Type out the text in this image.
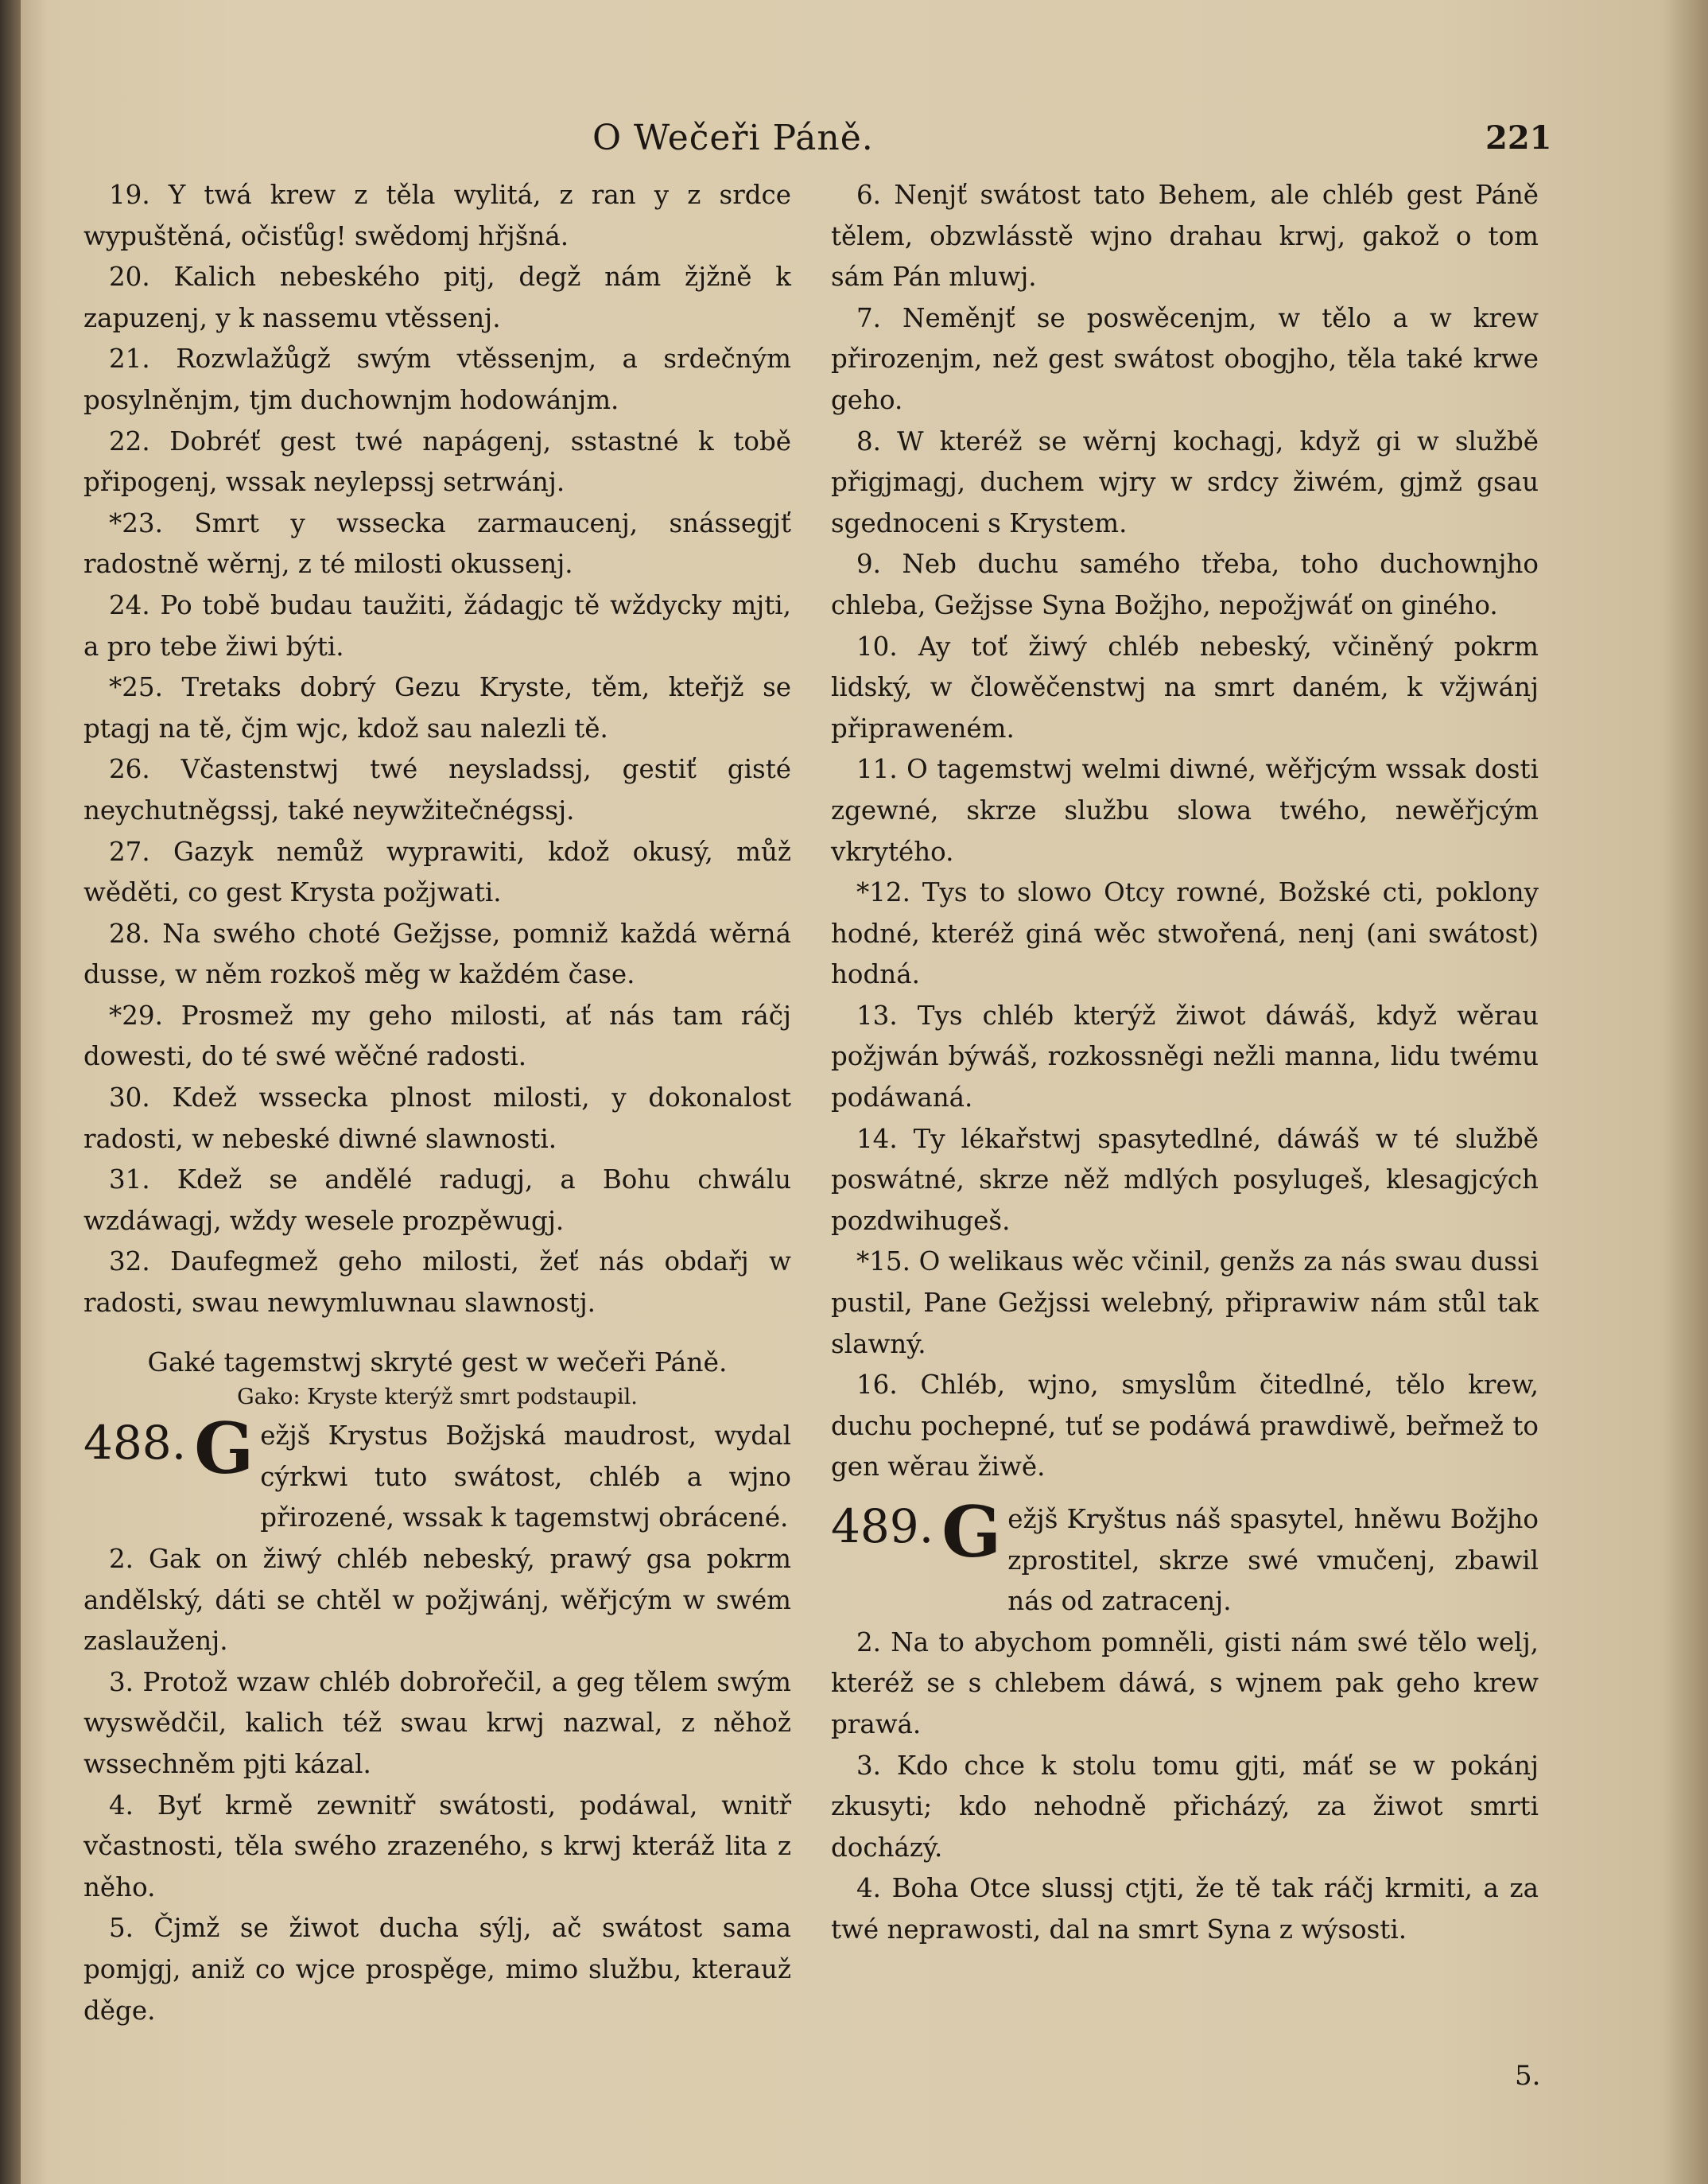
O Wečeři Páně.	221

19. Y twá krew z těla wylitá, z ran y z srdce wypuštěná, očisťůg! swědomj hřjšná.

20. Kalich nebeského pitj, degž nám žjžně k zapuzenj, y k nassemu vtěssenj.

21. Rozwlažůgž swým vtěssenjm, a srdečným posylněnjm, tjm duchownjm hodowánjm.

22. Dobréť gest twé napágenj, sstastné k tobě připogenj, wssak neylepssj setrwánj.

*23. Smrt y wssecka zarmaucenj, snássegjť radostně wěrnj, z té milosti okussenj.

24. Po tobě budau taužiti, žádagjc tě wždycky mjti, a pro tebe žiwi býti.

*25. Tretaks dobrý Gezu Kryste, těm, kteřjž se ptagj na tě, čjm wjc, kdož sau nalezli tě.

26. Včastenstwj twé neysladssj, gestiť gisté neychutněgssj, také neywžitečnégssj.

27. Gazyk nemůž wyprawiti, kdož okusý, můž wěděti, co gest Krysta požjwati.

28. Na swého choté Gežjsse, pomniž každá wěrná dusse, w něm rozkoš měg w každém čase.

*29. Prosmež my geho milosti, ať nás tam ráčj dowesti, do té swé wěčné radosti.

30. Kdež wssecka plnost milosti, y dokonalost radosti, w nebeské diwné slawnosti.

31. Kdež se andělé radugj, a Bohu chwálu wzdáwagj, wždy wesele prozpěwugj.

32. Daufegmež geho milosti, žeť nás obdařj w radosti, swau newymluwnau slawnostj.

Gaké tagemstwj skryté gest w wečeři Páně.

Gako: Kryste kterýž smrt podstaupil.

488. G ežjš Krystus Božjská maudrost, wydal cýrkwi tuto swátost, chléb a wjno přirozené, wssak k tagemstwj obrácené.

2. Gak on žiwý chléb nebeský, prawý gsa pokrm andělský, dáti se chtěl w požjwánj, wěřjcým w swém zaslauženj.

3. Protož wzaw chléb dobrořečil, a geg tělem swým wyswědčil, kalich též swau krwj nazwal, z něhož wssechněm pjti kázal.

4. Byť krmě zewnitř swátosti, podáwal, wnitř včastnosti, těla swého zrazeného, s krwj kteráž lita z něho.

5. Čjmž se žiwot ducha sýlj, ač swátost sama pomjgj, aniž co wjce prospěge, mimo službu, kterauž děge.

6. Nenjť swátost tato Behem, ale chléb gest Páně tělem, obzwlásstě wjno drahau krwj, gakož o tom sám Pán mluwj.

7. Neměnjť se poswěcenjm, w tělo a w krew přirozenjm, než gest swátost obogjho, těla také krwe geho.

8. W kteréž se wěrnj kochagj, když gi w službě přigjmagj, duchem wjry w srdcy žiwém, gjmž gsau sgednoceni s Krystem.

9. Neb duchu samého třeba, toho duchownjho chleba, Gežjsse Syna Božjho, nepožjwáť on giného.

10. Ay toť žiwý chléb nebeský, včiněný pokrm lidský, w člowěčenstwj na smrt daném, k vžjwánj připraweném.

11. O tagemstwj welmi diwné, wěřjcým wssak dosti zgewné, skrze službu slowa twého, newěřjcým vkrytého.

*12. Tys to slowo Otcy rowné, Božské cti, poklony hodné, kteréž giná wěc stwořená, nenj (ani swátost) hodná.

13. Tys chléb kterýž žiwot dáwáš, když wěrau požjwán býwáš, rozkossněgi nežli manna, lidu twému podáwaná.

14. Ty lékařstwj spasytedlné, dáwáš w té službě poswátné, skrze něž mdlých posylugeš, klesagjcých pozdwihugeš.

*15. O welikaus wěc včinil, genžs za nás swau dussi pustil, Pane Gežjssi welebný, připrawiw nám stůl tak slawný.

16. Chléb, wjno, smyslům čitedlné, tělo krew, duchu pochepné, tuť se podáwá prawdiwě, beřmež to gen wěrau žiwě.

489. G ežjš Kryštus náš spasytel, hněwu Božjho zprostitel, skrze swé vmučenj, zbawil nás od zatracenj.

2. Na to abychom pomněli, gisti nám swé tělo welj, kteréž se s chlebem dáwá, s wjnem pak geho krew prawá.

3. Kdo chce k stolu tomu gjti, máť se w pokánj zkusyti; kdo nehodně přicházý, za žiwot smrti docházý.

4. Boha Otce slussj ctjti, že tě tak ráčj krmiti, a za twé neprawosti, dal na smrt Syna z wýsosti.

5.
